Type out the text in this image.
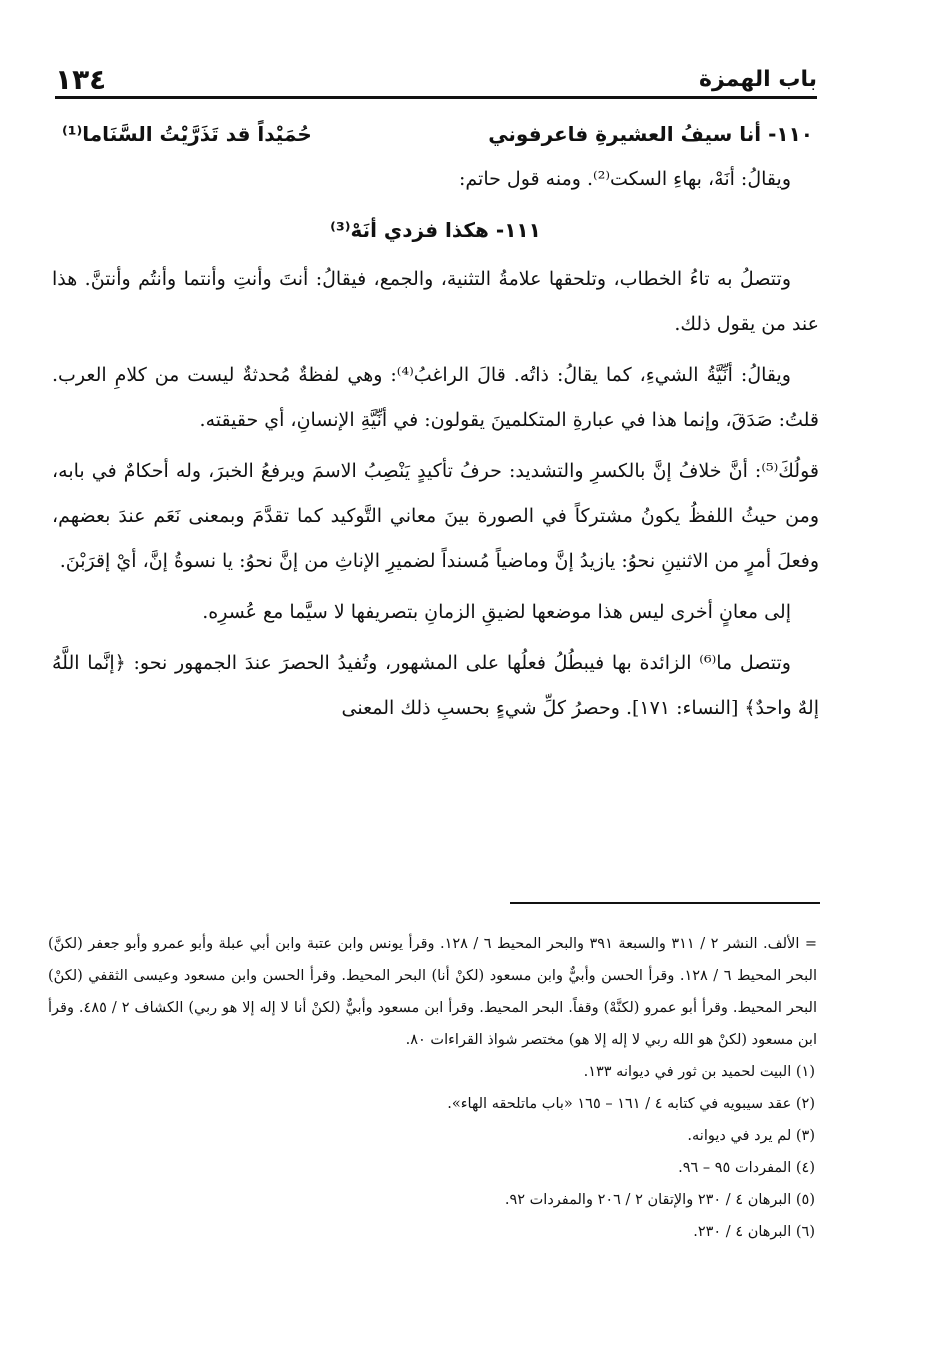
١٣٤	باب الهمزة
١١٠- أنا سيفُ العشيرةِ فاعرفوني
حُمَيْداً قد تَذَرَّيْتُ السَّنَاما⁽¹⁾

ويقالُ: أنَهْ، بهاءِ السكت⁽²⁾. ومنه قول حاتم:

١١١- هكذا فزدي أنَهْ⁽³⁾

وتتصلُ به تاءُ الخطاب، وتلحقها علامةُ التثنية، والجمع، فيقالُ: أنتَ وأنتِ وأنتما وأنتُم وأنتنَّ. هذا عند من يقول ذلك.

ويقالُ: أنِّيَّةُ الشيءِ، كما يقالُ: ذاتُه. قالَ الراغبُ⁽⁴⁾: وهي لفظةٌ مُحدثةٌ ليست من كلامِ العرب. قلتُ: صَدَقَ، وإنما هذا في عبارةِ المتكلمينَ يقولون: في أنِّيَّةِ الإنسانِ، أي حقيقته.

قولُكَ⁽⁵⁾: أنَّ خلافُ إنَّ بالكسرِ والتشديد: حرفُ تأكيدٍ يَنْصِبُ الاسمَ ويرفعُ الخبرَ، وله أحكامٌ في بابه، ومن حيثُ اللفظُ يكونُ مشتركاً في الصورة بينَ معاني التَّوكيد كما تقدَّمَ وبمعنى نَعَم عندَ بعضهم، وفعلَ أمرٍ من الاثنينِ نحوُ: يازيدُ إنَّ وماضياً مُسنداً لضميرِ الإناثِ من إنَّ نحوُ: يا نسوةُ إنَّ، أيْ إقرَبْنَ.

إلى معانٍ أخرى ليس هذا موضعها لضيقِ الزمانِ بتصريفها لا سيَّما مع عُسرِه.

وتتصل ما⁽⁶⁾ الزائدة بها فيبطُلُ فعلُها على المشهور، وتُفيدُ الحصرَ عندَ الجمهور نحو: ﴿إنَّما اللَّهُ إلهٌ واحدٌ﴾ [النساء: ١٧١]. وحصرُ كلِّ شيءٍ بحسبِ ذلك المعنى

= الألف. النشر ٢ / ٣١١ والسبعة ٣٩١ والبحر المحيط ٦ / ١٢٨. وقرأ يونس وابن عتبة وابن أبي عبلة وأبو عمرو وأبو جعفر (لكنَّ) البحر المحيط ٦ / ١٢٨. وقرأ الحسن وأبيٌّ وابن مسعود (لكنْ أنا) البحر المحيط. وقرأ الحسن وابن مسعود وعيسى الثقفي (لكنْ) البحر المحيط. وقرأ أبو عمرو (لكنَّهْ) وقفاً. البحر المحيط. وقرأ ابن مسعود وأبيٌّ (لكنْ أنا لا إله إلا هو ربي) الكشاف ٢ / ٤٨٥. وقرأ ابن مسعود (لكنْ هو الله ربي لا إله إلا هو) مختصر شواذ القراءات ٨٠.

(١) البيت لحميد بن ثور في ديوانه ١٣٣.

(٢) عقد سيبويه في كتابه ٤ / ١٦١ – ١٦٥ «باب ماتلحقه الهاء».

(٣) لم يرد في ديوانه.

(٤) المفردات ٩٥ – ٩٦.

(٥) البرهان ٤ / ٢٣٠ والإتقان ٢ / ٢٠٦ والمفردات ٩٢.

(٦) البرهان ٤ / ٢٣٠.
